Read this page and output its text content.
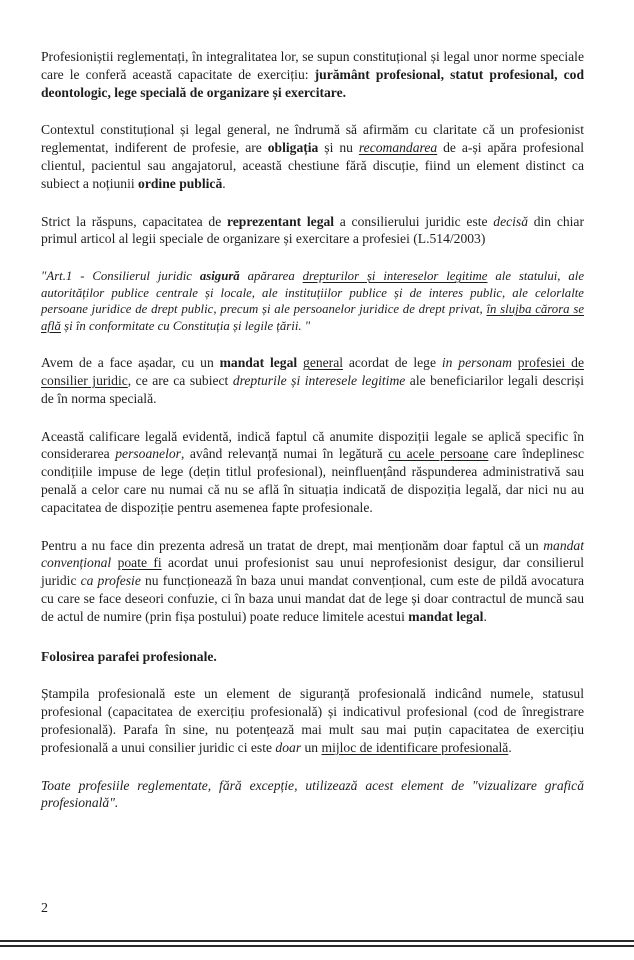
Profesioniștii reglementați, în integralitatea lor, se supun constituțional și legal unor norme speciale care le conferă această capacitate de exercițiu: jurământ profesional, statut profesional, cod deontologic, lege specială de organizare și exercitare.

Contextul constituțional și legal general, ne îndrumă să afirmăm cu claritate că un profesionist reglementat, indiferent de profesie, are obligația și nu recomandarea de a-și apăra profesional clientul, pacientul sau angajatorul, această chestiune fără discuție, fiind un element distinct ca subiect a noțiunii ordine publică.

Strict la răspuns, capacitatea de reprezentant legal a consilierului juridic este decisă din chiar primul articol al legii speciale de organizare și exercitare a profesiei (L.514/2003)

"Art.1 - Consilierul juridic asigură apărarea drepturilor și intereselor legitime ale statului, ale autorităților publice centrale și locale, ale instituțiilor publice și de interes public, ale celorlalte persoane juridice de drept public, precum și ale persoanelor juridice de drept privat, în slujba cărora se află și în conformitate cu Constituția și legile țării. "

Avem de a face așadar, cu un mandat legal general acordat de lege in personam profesiei de consilier juridic, ce are ca subiect drepturile și interesele legitime ale beneficiarilor legali descriși de în norma specială.

Această calificare legală evidentă, indică faptul că anumite dispoziții legale se aplică specific în considerarea persoanelor, având relevanță numai în legătură cu acele persoane care îndeplinesc condițiile impuse de lege (dețin titlul profesional), neinfluențând răspunderea administrativă sau penală a celor care nu numai că nu se află în situația indicată de dispoziția legală, dar nici nu au capacitatea de dispoziție pentru asemenea fapte profesionale.

Pentru a nu face din prezenta adresă un tratat de drept, mai menționăm doar faptul că un mandat convențional poate fi acordat unui profesionist sau unui neprofesionist desigur, dar consilierul juridic ca profesie nu funcționează în baza unui mandat convențional, cum este de pildă avocatura cu care se face deseori confuzie, ci în baza unui mandat dat de lege și doar contractul de muncă sau de actul de numire (prin fișa postului) poate reduce limitele acestui mandat legal.

Folosirea parafei profesionale.

Ștampila profesională este un element de siguranță profesională indicând numele, statusul profesional (capacitatea de exercițiu profesională) și indicativul profesional (cod de înregistrare profesională). Parafa în sine, nu potențează mai mult sau mai puțin capacitatea de exercițiu profesională a unui consilier juridic ci este doar un mijloc de identificare profesională.

Toate profesiile reglementate, fără excepție, utilizează acest element de "vizualizare grafică profesională".

2
